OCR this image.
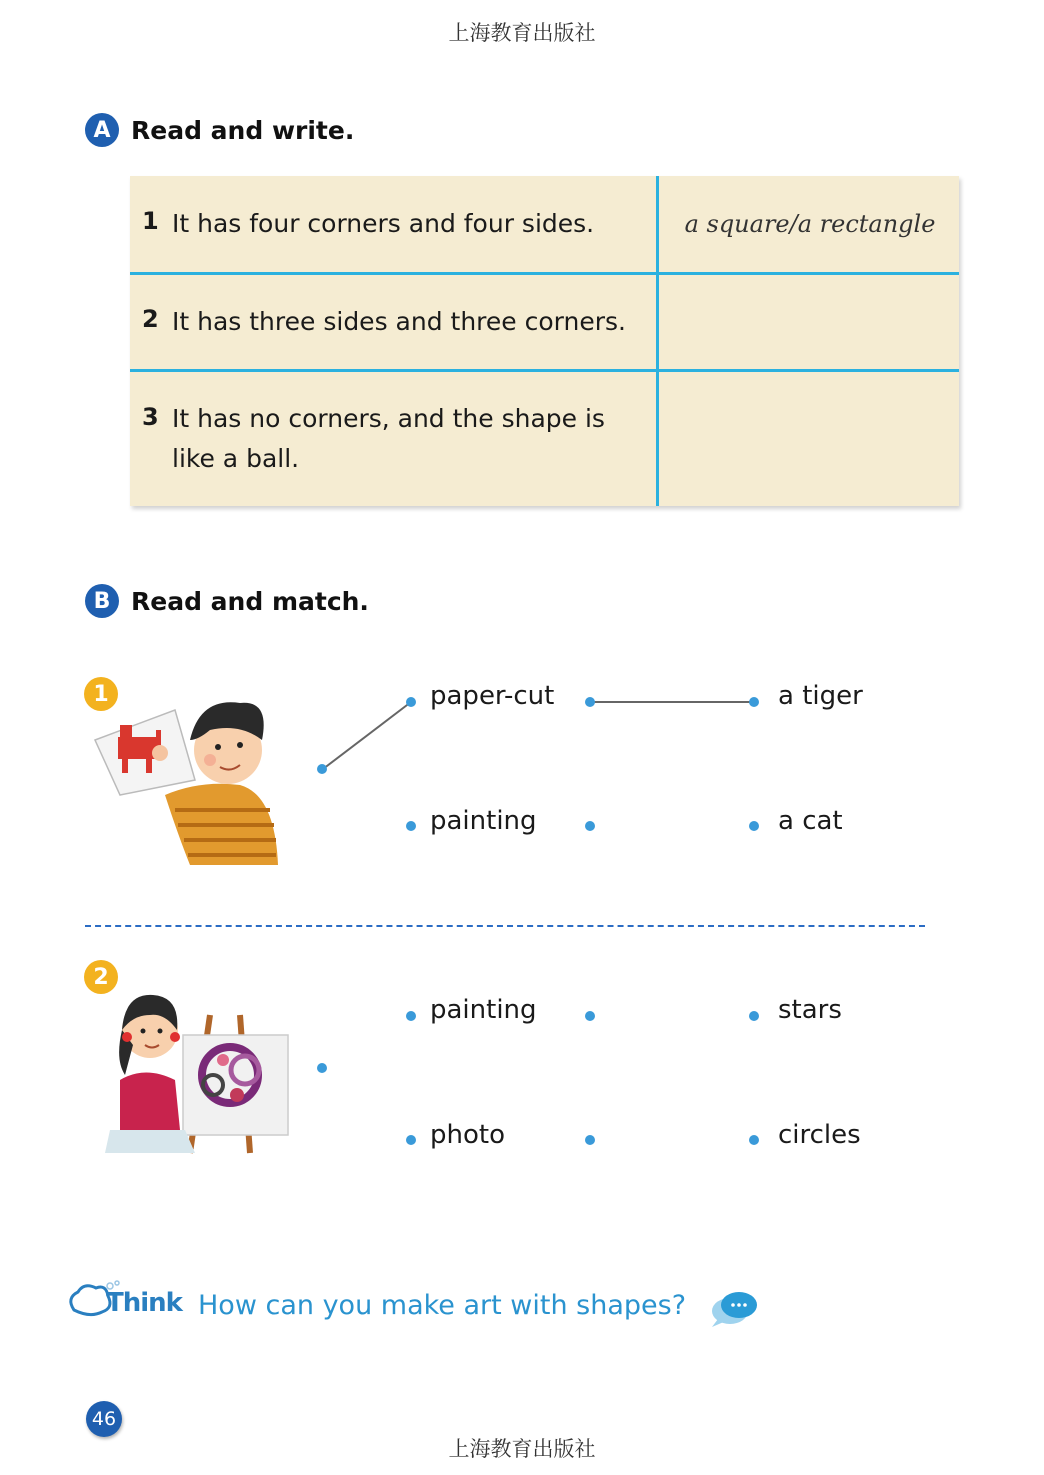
上海教育出版社
A Read and write.
1 It has four corners and four sides.	a square/a rectangle
2 It has three sides and three corners.
3 It has no corners, and the shape is like a ball.
B Read and match.
1	paper-cut	a tiger
painting	a cat
2
painting	stars
photo	circles
Think How can you make art with shapes?
46
上海教育出版社
